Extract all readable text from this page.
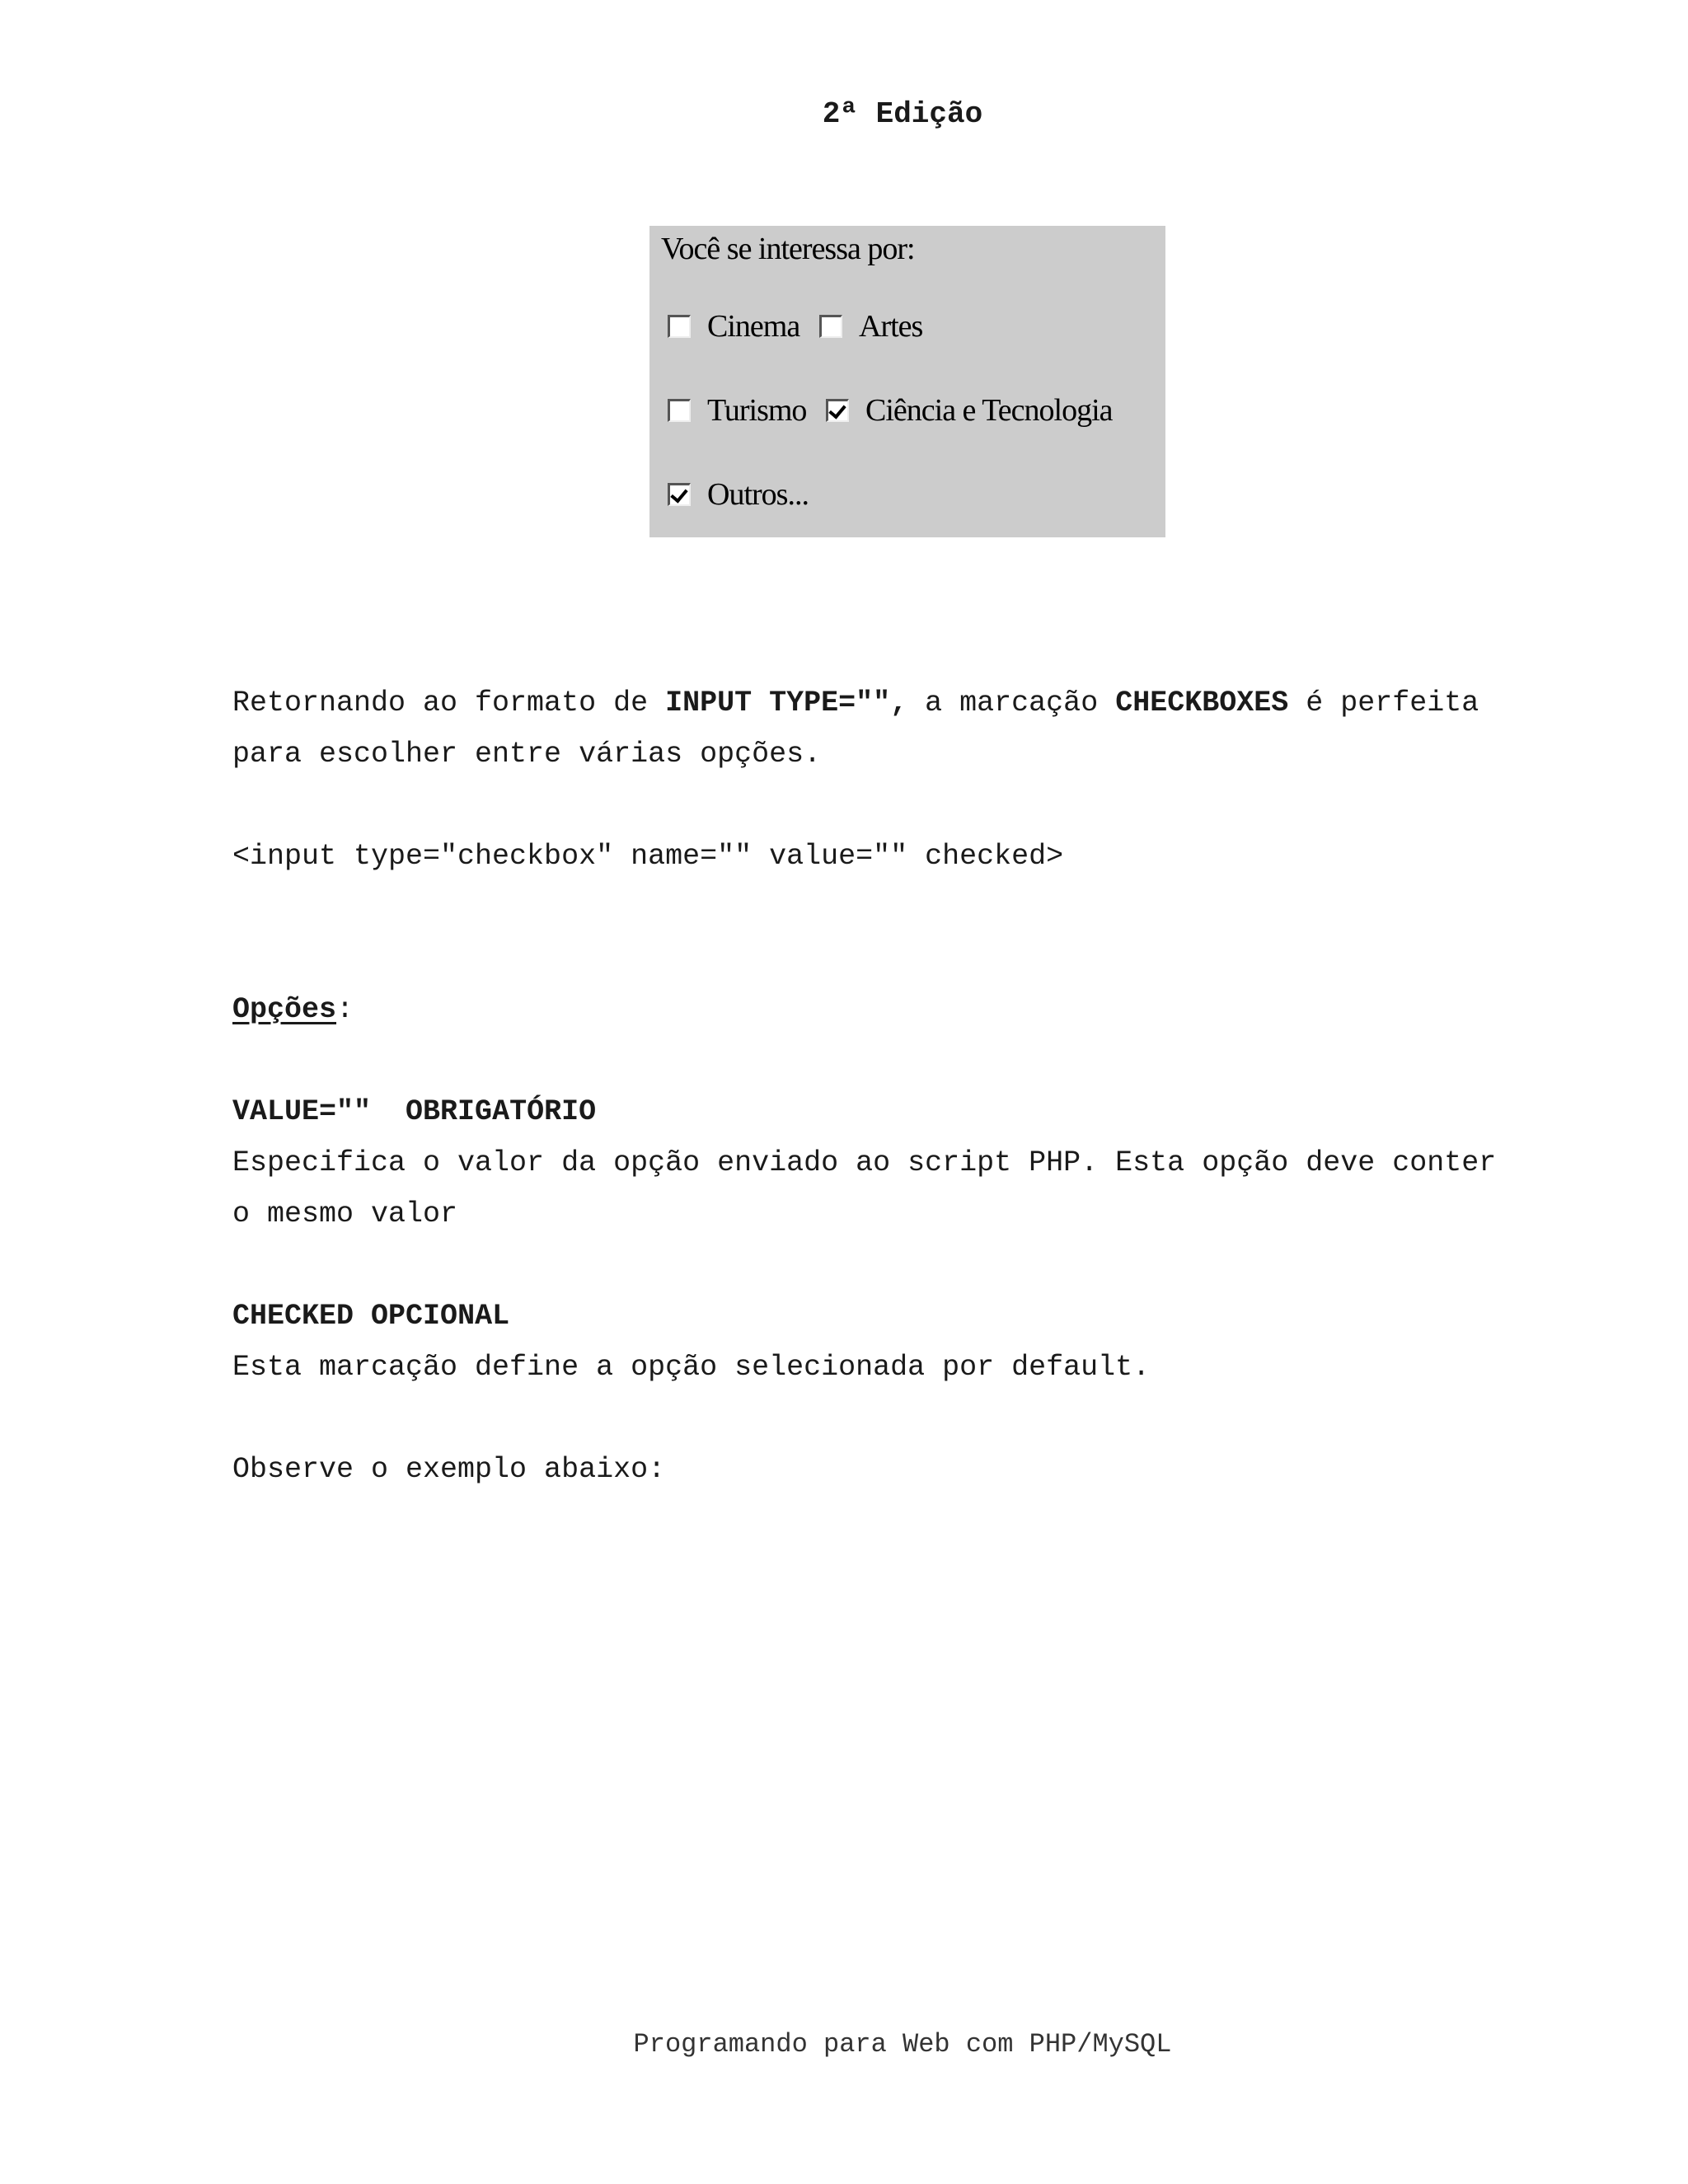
2ª Edição
Você se interessa por:
Cinema Artes
Turismo Ciência e Tecnologia
Outros...
Retornando ao formato de INPUT TYPE="", a marcação CHECKBOXES é perfeita
para escolher entre várias opções.
<input type="checkbox" name="" value="" checked>
Opções:
VALUE="" OBRIGATÓRIO
Especifica o valor da opção enviado ao script PHP. Esta opção deve conter
o mesmo valor
CHECKED OPCIONAL
Esta marcação define a opção selecionada por default.
Observe o exemplo abaixo:
Programando para Web com PHP/MySQL
